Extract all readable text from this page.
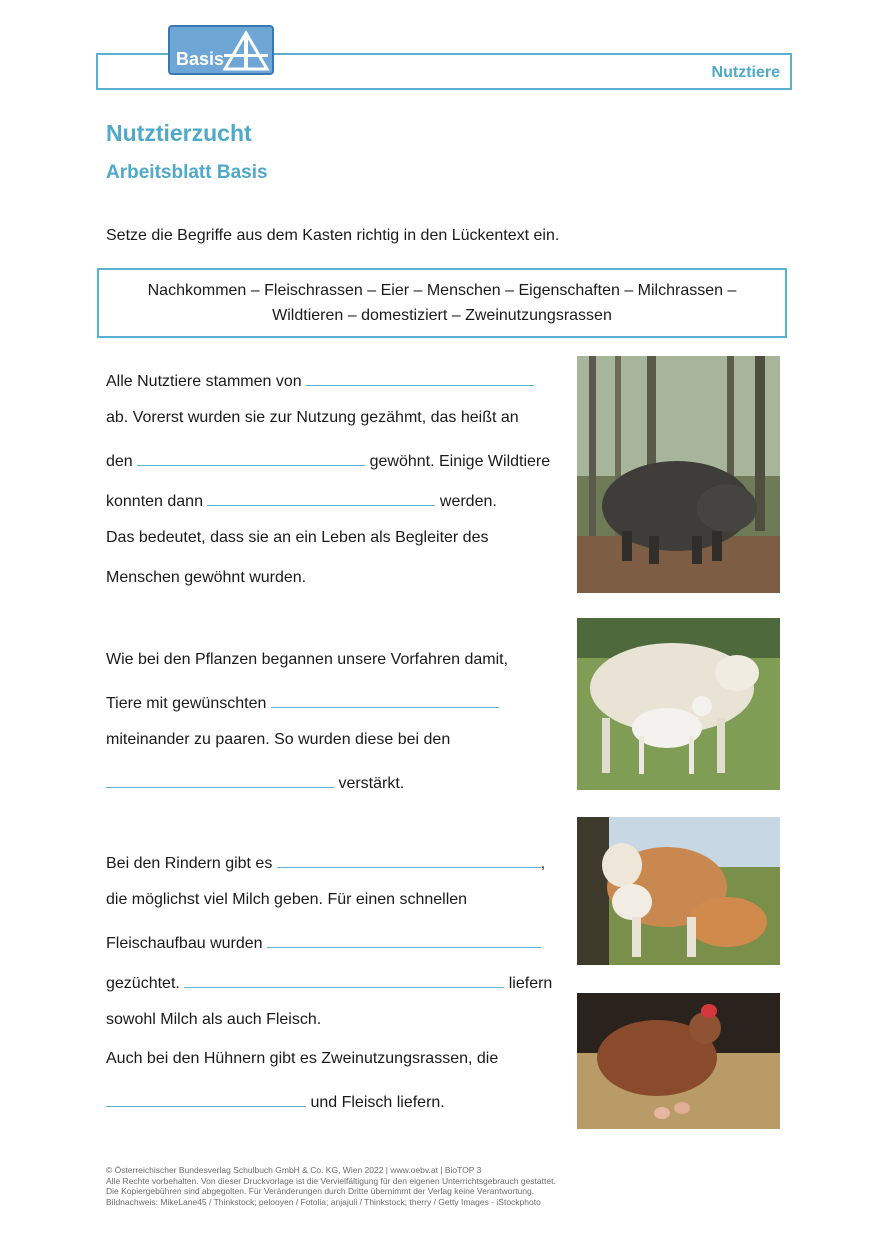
Nutztiere
Basis
Nutztierzucht
Arbeitsblatt Basis
Setze die Begriffe aus dem Kasten richtig in den Lückentext ein.
Nachkommen – Fleischrassen – Eier – Menschen – Eigenschaften – Milchrassen –
Wildtieren – domestiziert – Zweinutzungsrassen
Alle Nutztiere stammen von
ab. Vorerst wurden sie zur Nutzung gezähmt, das heißt an
den	gewöhnt. Einige Wildtiere
konnten dann	werden.
Das bedeutet, dass sie an ein Leben als Begleiter des
Menschen gewöhnt wurden.
Wie bei den Pflanzen begannen unsere Vorfahren damit,
Tiere mit gewünschten
miteinander zu paaren. So wurden diese bei den
verstärkt.
Bei den Rindern gibt es	,
die möglichst viel Milch geben. Für einen schnellen
Fleischaufbau wurden
gezüchtet.	liefern
sowohl Milch als auch Fleisch.
Auch bei den Hühnern gibt es Zweinutzungsrassen, die
und Fleisch liefern.
© Österreichischer Bundesverlag Schulbuch GmbH & Co. KG, Wien 2022 | www.oebv.at | BioTOP 3
Alle Rechte vorbehalten. Von dieser Druckvorlage ist die Vervielfältigung für den eigenen Unterrichtsgebrauch gestattet.
Die Kopiergebühren sind abgegolten. Für Veränderungen durch Dritte übernimmt der Verlag keine Verantwortung.
Bildnachweis: MikeLane45 / Thinkstock; pelooyen / Fotolia; anjajuli / Thinkstock; therry / Getty Images - iStockphoto
